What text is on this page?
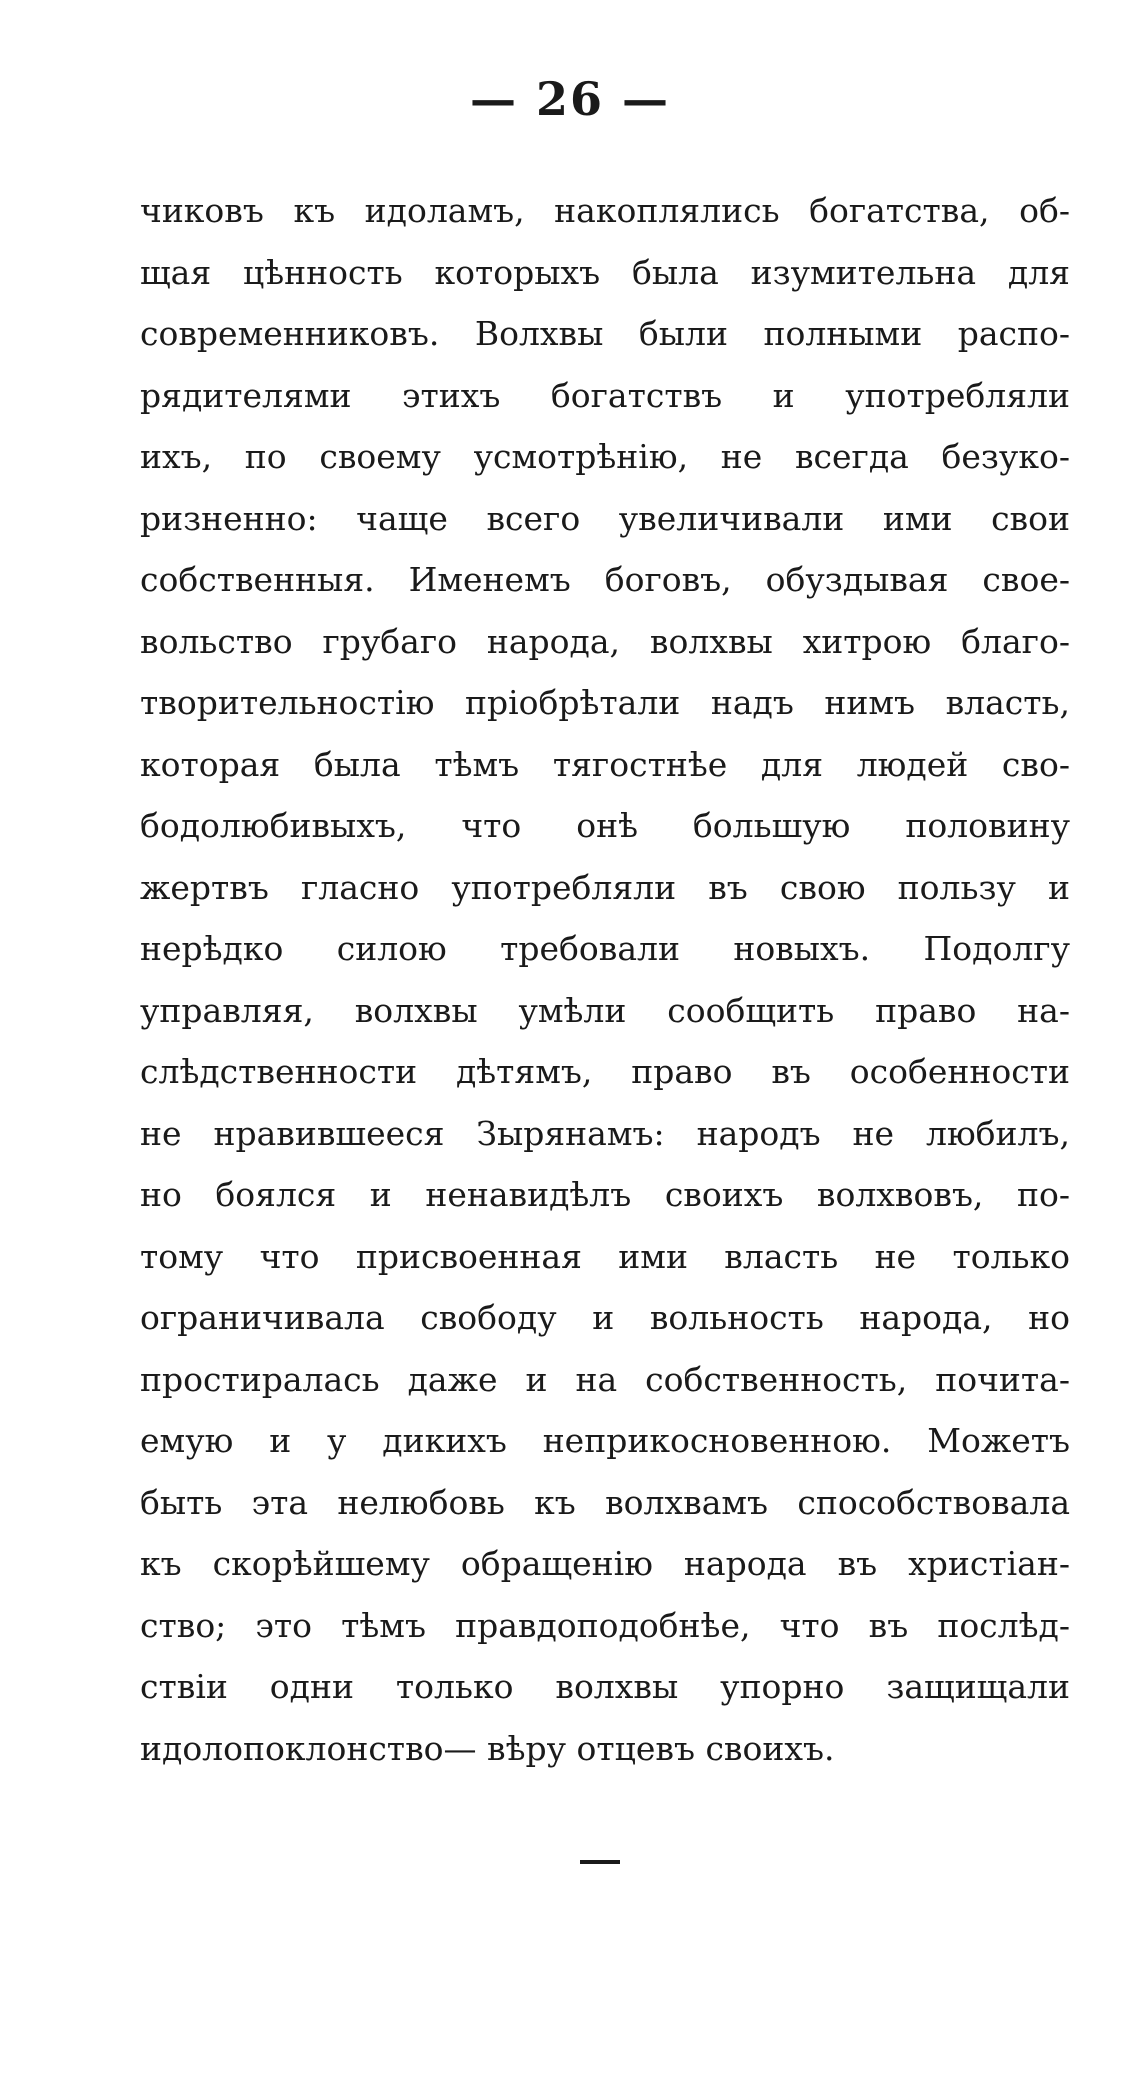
— 26 —
чиковъ къ идоламъ, накоплялись богатства, об-
щая цѣнность которыхъ была изумительна для
современниковъ. Волхвы были полными распо-
рядителями этихъ богатствъ и употребляли
ихъ, по своему усмотрѣнію, не всегда безуко-
ризненно: чаще всего увеличивали ими свои
собственныя. Именемъ боговъ, обуздывая свое-
вольство грубаго народа, волхвы хитрою благо-
творительностію пріобрѣтали надъ нимъ власть,
которая была тѣмъ тягостнѣе для людей сво-
бодолюбивыхъ, что онѣ большую половину
жертвъ гласно употребляли въ свою пользу и
нерѣдко силою требовали новыхъ. Подолгу
управляя, волхвы умѣли сообщить право на-
слѣдственности дѣтямъ, право въ особенности
не нравившееся Зырянамъ: народъ не любилъ,
но боялся и ненавидѣлъ своихъ волхвовъ, по-
тому что присвоенная ими власть не только
ограничивала свободу и вольность народа, но
простиралась даже и на собственность, почита-
емую и у дикихъ неприкосновенною. Можетъ
быть эта нелюбовь къ волхвамъ способствовала
къ скорѣйшему обращенію народа въ христіан-
ство; это тѣмъ правдоподобнѣе, что въ послѣд-
ствіи одни только волхвы упорно защищали
идолопоклонство— вѣру отцевъ своихъ.
